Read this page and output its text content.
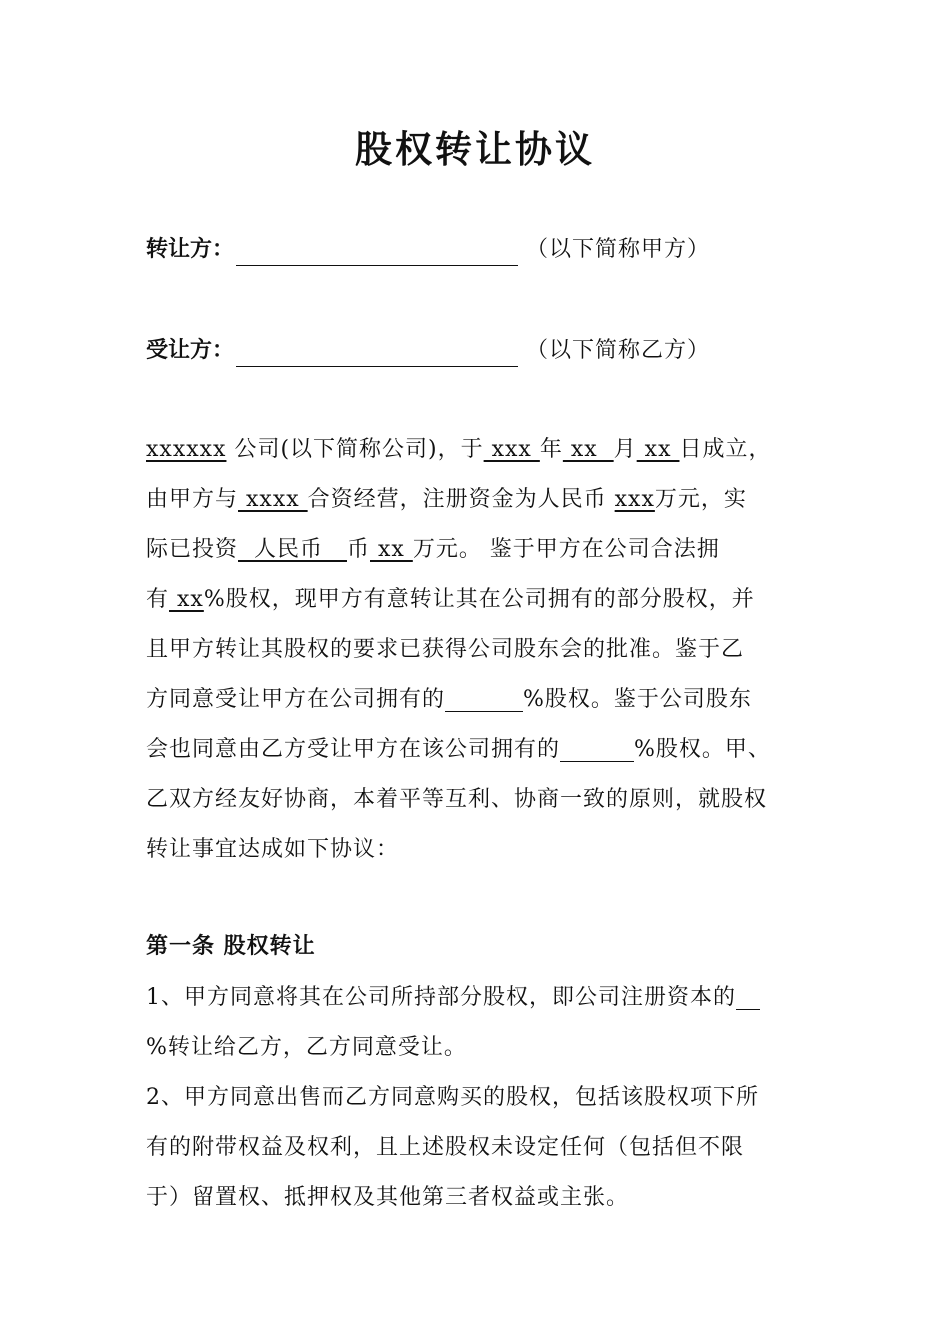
股权转让协议
转让方：	（以下简称甲方）
受让方：	（以下简称乙方）
xxxxxx 公司(以下简称公司)，于 xxx 年 xx  月 xx 日成立，
由甲方与 xxxx 合资经营，注册资金为人民币 xxx万元，实
际已投资  人民币   币 xx 万元。 鉴于甲方在公司合法拥
有 xx%股权，现甲方有意转让其在公司拥有的部分股权，并
且甲方转让其股权的要求已获得公司股东会的批准。鉴于乙
方同意受让甲方在公司拥有的	%股权。鉴于公司股东
会也同意由乙方受让甲方在该公司拥有的	%股权。甲、
乙双方经友好协商，本着平等互利、协商一致的原则，就股权
转让事宜达成如下协议：
第一条 股权转让
1、甲方同意将其在公司所持部分股权，即公司注册资本的
%转让给乙方，乙方同意受让。
2、甲方同意出售而乙方同意购买的股权，包括该股权项下所
有的附带权益及权利，且上述股权未设定任何（包括但不限
于）留置权、抵押权及其他第三者权益或主张。
